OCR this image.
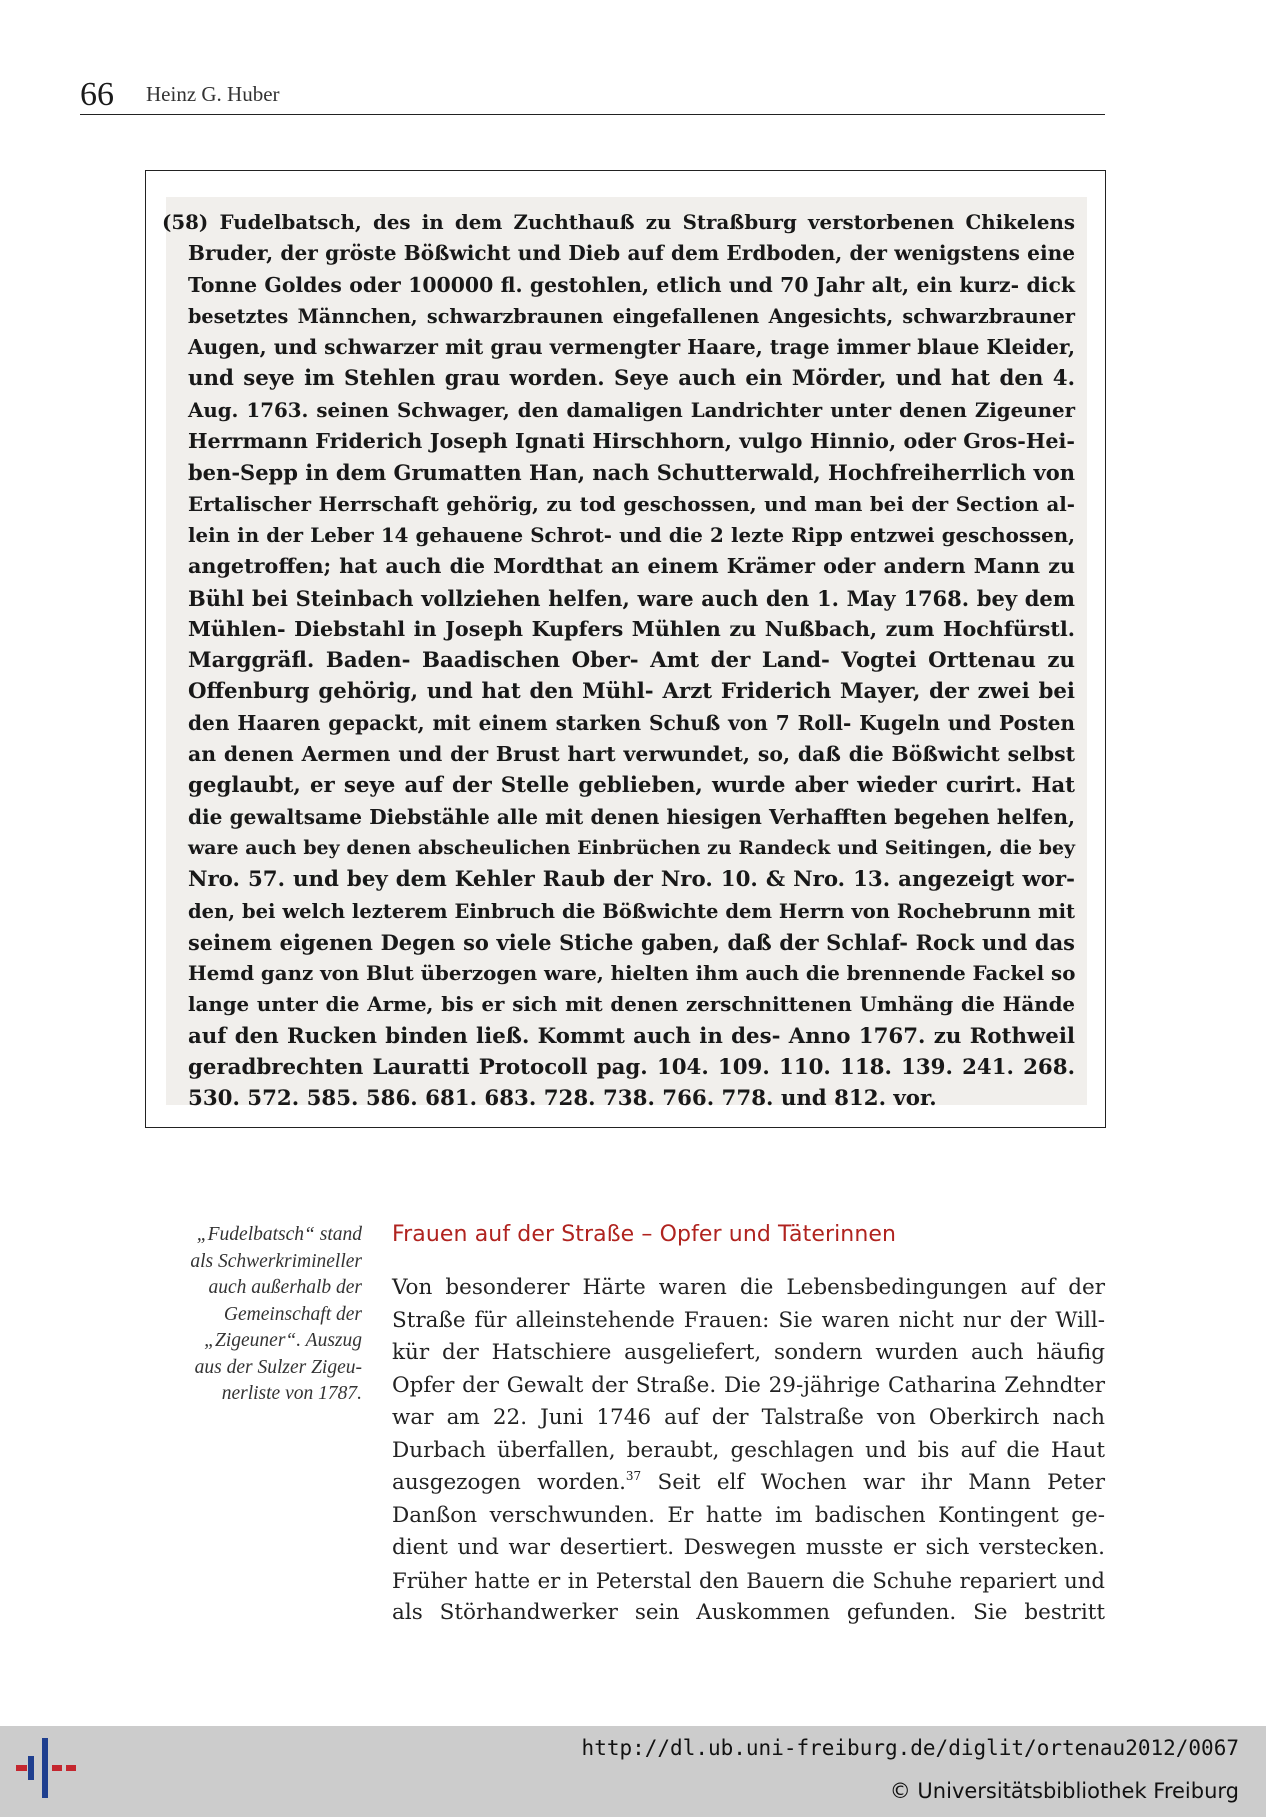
66 Heinz G. Huber
(58) Fudelbatsch, des in dem Zuchthauß zu Straßburg verstorbenen Chikelens
Bruder, der gröste Bößwicht und Dieb auf dem Erdboden, der wenigstens eine
Tonne Goldes oder 100000 fl. gestohlen, etlich und 70 Jahr alt, ein kurz- dick
besetztes Männchen, schwarzbraunen eingefallenen Angesichts, schwarzbrauner
Augen, und schwarzer mit grau vermengter Haare, trage immer blaue Kleider,
und seye im Stehlen grau worden. Seye auch ein Mörder, und hat den 4.
Aug. 1763. seinen Schwager, den damaligen Landrichter unter denen Zigeuner
Herrmann Friderich Joseph Ignati Hirschhorn, vulgo Hinnio, oder Gros-Hei-
ben-Sepp in dem Grumatten Han, nach Schutterwald, Hochfreiherrlich von
Ertalischer Herrschaft gehörig, zu tod geschossen, und man bei der Section al-
lein in der Leber 14 gehauene Schrot- und die 2 lezte Ripp entzwei geschossen,
angetroffen; hat auch die Mordthat an einem Krämer oder andern Mann zu
Bühl bei Steinbach vollziehen helfen, ware auch den 1. May 1768. bey dem
Mühlen- Diebstahl in Joseph Kupfers Mühlen zu Nußbach, zum Hochfürstl.
Marggräfl. Baden- Baadischen Ober- Amt der Land- Vogtei Orttenau zu
Offenburg gehörig, und hat den Mühl- Arzt Friderich Mayer, der zwei bei
den Haaren gepackt, mit einem starken Schuß von 7 Roll- Kugeln und Posten
an denen Aermen und der Brust hart verwundet, so, daß die Bößwicht selbst
geglaubt, er seye auf der Stelle geblieben, wurde aber wieder curirt. Hat
die gewaltsame Diebstähle alle mit denen hiesigen Verhafften begehen helfen,
ware auch bey denen abscheulichen Einbrüchen zu Randeck und Seitingen, die bey
Nro. 57. und bey dem Kehler Raub der Nro. 10. & Nro. 13. angezeigt wor-
den, bei welch lezterem Einbruch die Bößwichte dem Herrn von Rochebrunn mit
seinem eigenen Degen so viele Stiche gaben, daß der Schlaf- Rock und das
Hemd ganz von Blut überzogen ware, hielten ihm auch die brennende Fackel so
lange unter die Arme, bis er sich mit denen zerschnittenen Umhäng die Hände
auf den Rucken binden ließ. Kommt auch in des- Anno 1767. zu Rothweil
geradbrechten Lauratti Protocoll pag. 104. 109. 110. 118. 139. 241. 268.
530. 572. 585. 586. 681. 683. 728. 738. 766. 778. und 812. vor.
„Fudelbatsch“ stand
als Schwerkrimineller
auch außerhalb der
Gemeinschaft der
„Zigeuner“. Auszug
aus der Sulzer Zigeu-
nerliste von 1787.
Frauen auf der Straße – Opfer und Täterinnen
Von besonderer Härte waren die Lebensbedingungen auf der
Straße für alleinstehende Frauen: Sie waren nicht nur der Will-
kür der Hatschiere ausgeliefert, sondern wurden auch häufig
Opfer der Gewalt der Straße. Die 29-jährige Catharina Zehndter
war am 22. Juni 1746 auf der Talstraße von Oberkirch nach
Durbach überfallen, beraubt, geschlagen und bis auf die Haut
ausgezogen worden.$^{37}$ Seit elf Wochen war ihr Mann Peter
Danßon verschwunden. Er hatte im badischen Kontingent ge-
dient und war desertiert. Deswegen musste er sich verstecken.
Früher hatte er in Peterstal den Bauern die Schuhe repariert und
als Störhandwerker sein Auskommen gefunden. Sie bestritt
http://dl.ub.uni-freiburg.de/diglit/ortenau2012/0067
© Universitätsbibliothek Freiburg
